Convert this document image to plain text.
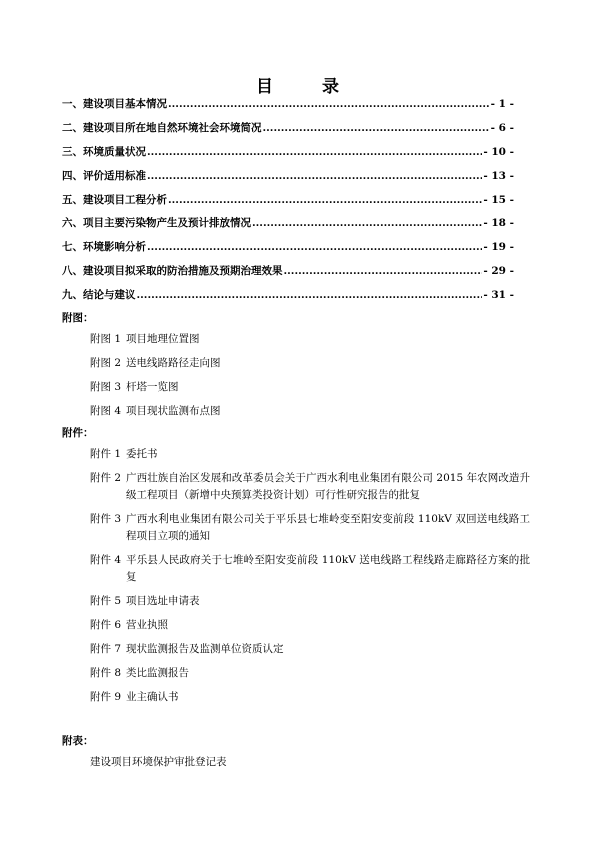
目　录
一、建设项目基本情况 .....	- 1 -
二、建设项目所在地自然环境社会环境简况 .....	- 6 -
三、环境质量状况 .....	- 10 -
四、评价适用标准 .....	- 13 -
五、建设项目工程分析 .....	- 15 -
六、项目主要污染物产生及预计排放情况 .....	- 18 -
七、环境影响分析 .....	- 19 -
八、建设项目拟采取的防治措施及预期治理效果 .....	- 29 -
九、结论与建议 .....	- 31 -
附图：
附图 1 项目地理位置图
附图 2 送电线路路径走向图
附图 3 杆塔一览图
附图 4 项目现状监测布点图
附件：
附件 1 委托书
附件 2 广西壮族自治区发展和改革委员会关于广西水利电业集团有限公司 2015 年农网改造升级工程项目（新增中央预算类投资计划）可行性研究报告的批复
附件 3 广西水利电业集团有限公司关于平乐县七堆岭变至阳安变前段 110kV 双回送电线路工程项目立项的通知
附件 4 平乐县人民政府关于七堆岭至阳安变前段 110kV 送电线路工程线路走廊路径方案的批复
附件 5 项目选址申请表
附件 6 营业执照
附件 7 现状监测报告及监测单位资质认定
附件 8 类比监测报告
附件 9 业主确认书
附表：
建设项目环境保护审批登记表
